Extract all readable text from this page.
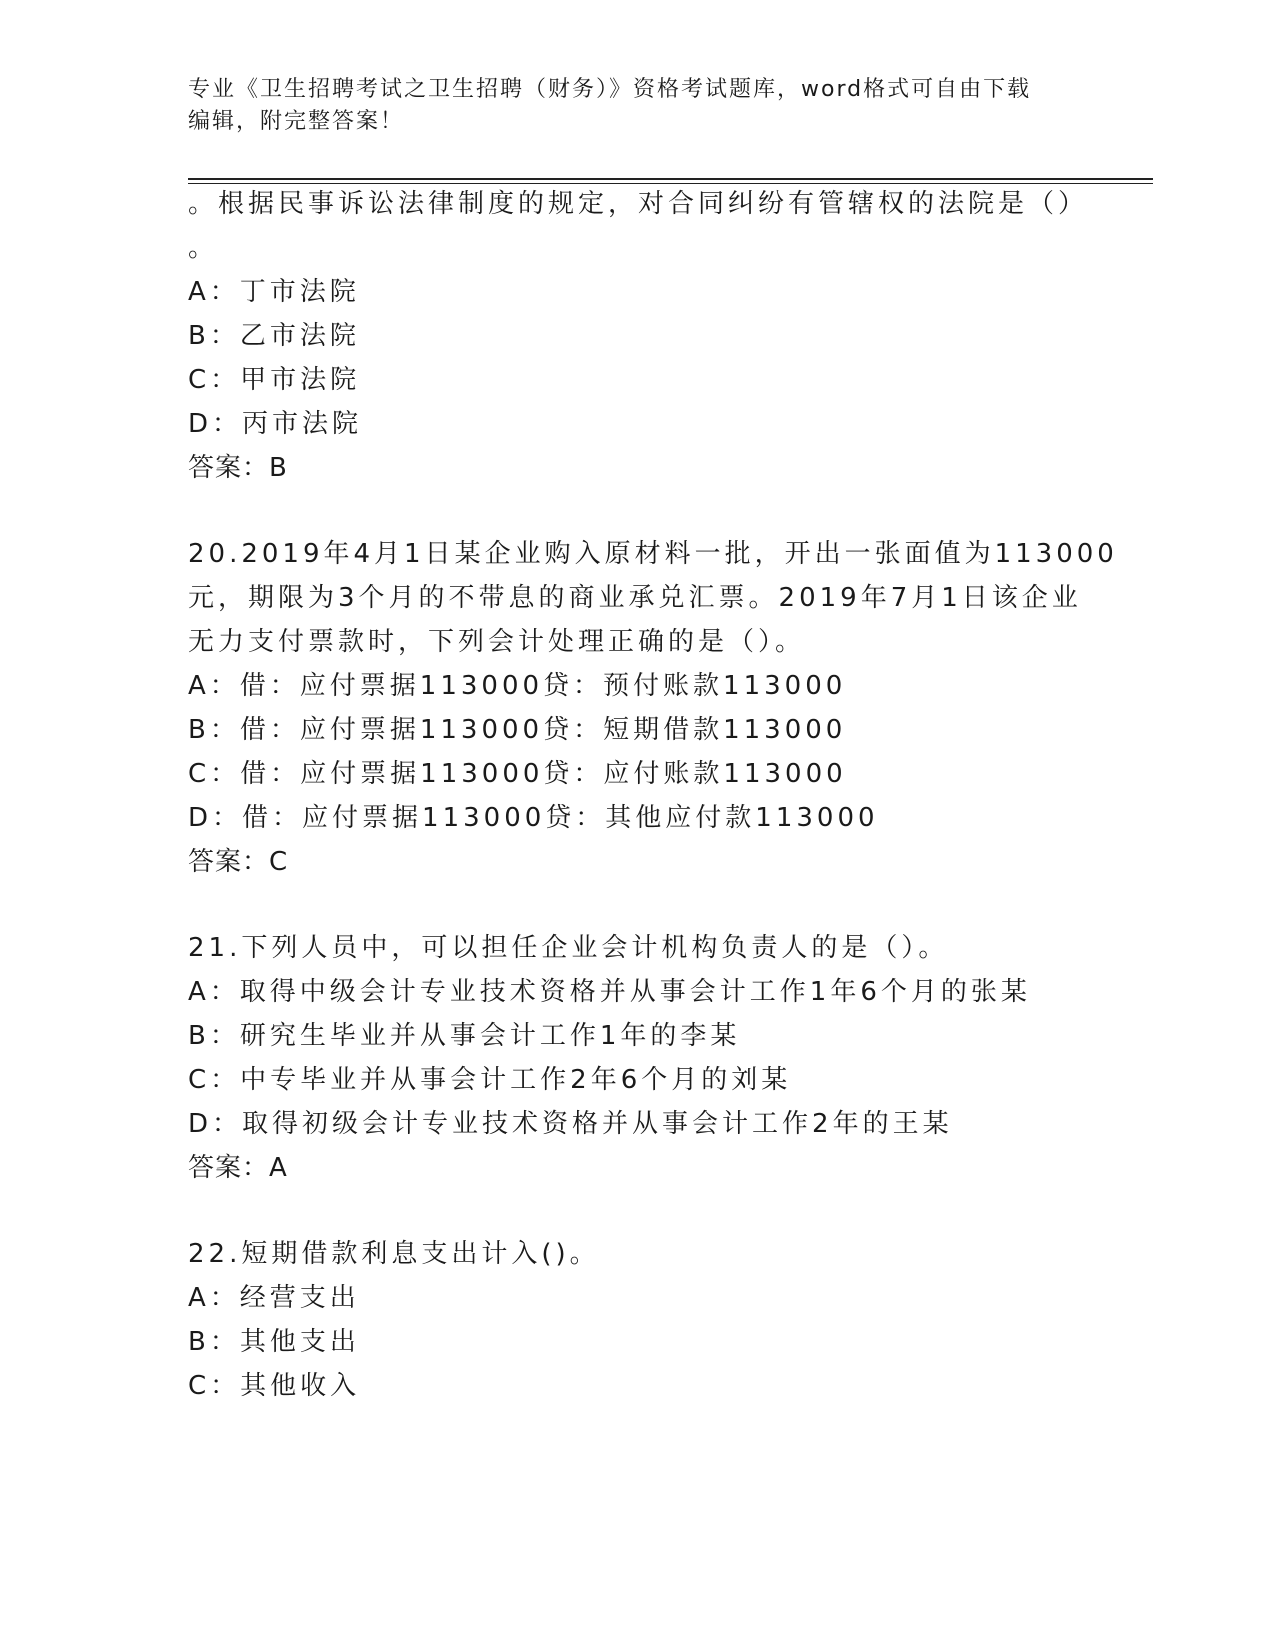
专业《卫生招聘考试之卫生招聘（财务）》资格考试题库，word格式可自由下载
编辑，附完整答案！
。根据民事诉讼法律制度的规定，对合同纠纷有管辖权的法院是（）
。
A：丁市法院
B：乙市法院
C：甲市法院
D：丙市法院
答案：B
20.2019年4月1日某企业购入原材料一批，开出一张面值为113000
元，期限为3个月的不带息的商业承兑汇票。2019年7月1日该企业
无力支付票款时，下列会计处理正确的是（）。
A：借：应付票据113000贷：预付账款113000
B：借：应付票据113000贷：短期借款113000
C：借：应付票据113000贷：应付账款113000
D：借：应付票据113000贷：其他应付款113000
答案：C
21.下列人员中，可以担任企业会计机构负责人的是（）。
A：取得中级会计专业技术资格并从事会计工作1年6个月的张某
B：研究生毕业并从事会计工作1年的李某
C：中专毕业并从事会计工作2年6个月的刘某
D：取得初级会计专业技术资格并从事会计工作2年的王某
答案：A
22.短期借款利息支出计入()。
A：经营支出
B：其他支出
C：其他收入
